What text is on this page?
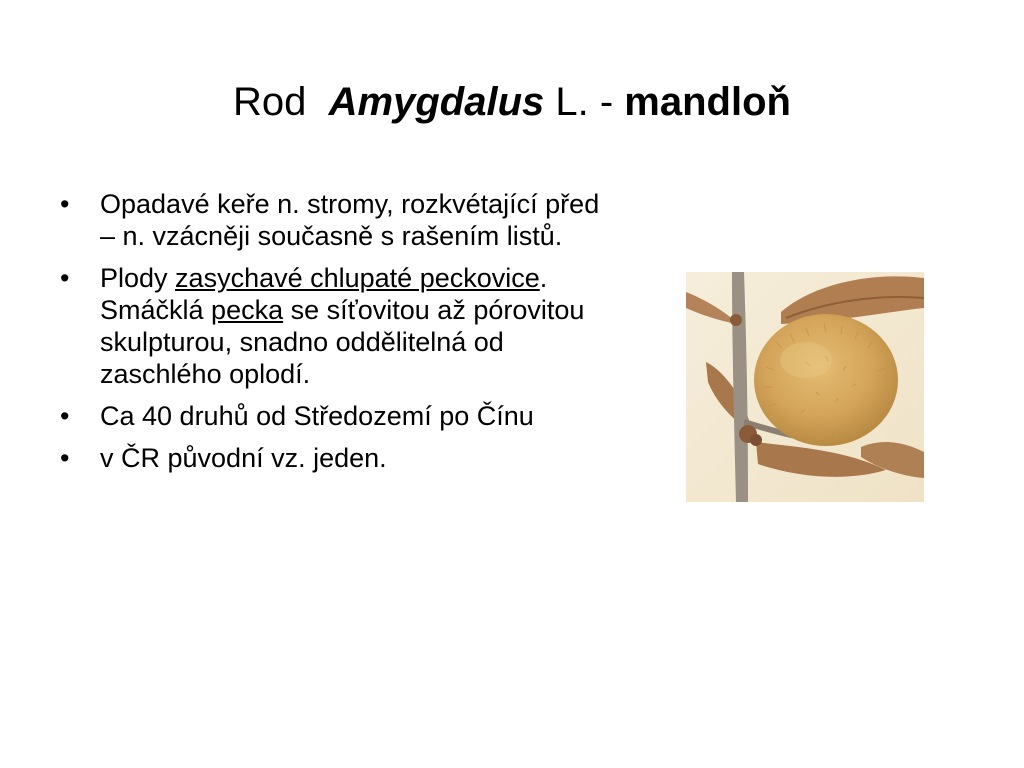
Rod Amygdalus L. - mandloň
• Opadavé keře n. stromy, rozkvétající před – n. vzácněji současně s rašením listů.
• Plody zasychavé chlupaté peckovice. Smáčklá pecka se síťovitou až pórovitou skulpturou, snadno oddělitelná od zaschlého oplodí.
• Ca 40 druhů od Středozemí po Čínu
• v ČR původní vz. jeden.
